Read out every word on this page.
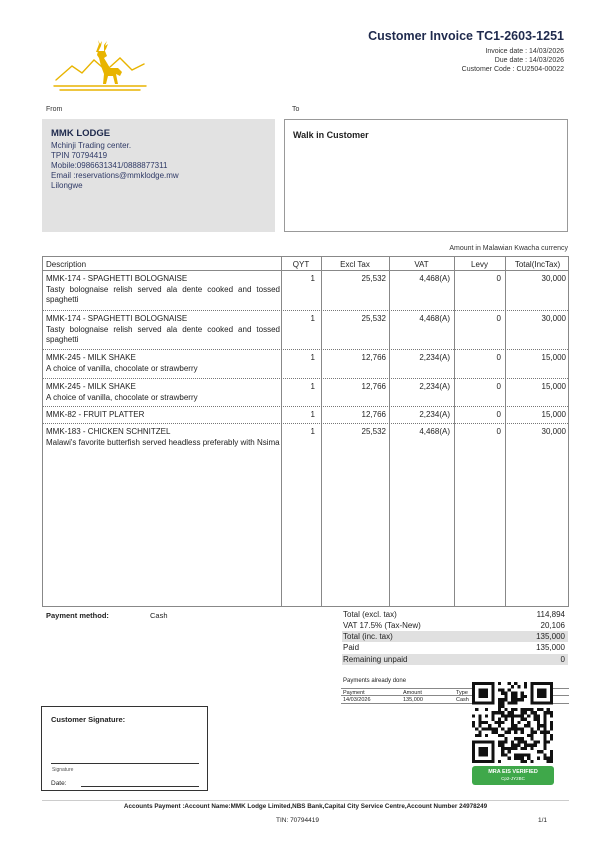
Customer Invoice TC1-2603-1251
Invoice date : 14/03/2026
Due date : 14/03/2026
Customer Code : CU2504-00022
From	To
MMK LODGE
Mchinji Trading center.
TPIN 70794419
Mobile:0986631341/0888877311
Email :reservations@mmklodge.mw
Lilongwe
Walk in Customer
Amount in Malawian Kwacha currency
Description	QYT	Excl Tax	VAT	Levy	Total(IncTax)
MMK-174 - SPAGHETTI BOLOGNAISE
Tasty bolognaise relish served ala dente cooked and tossed spaghetti
1	25,532	4,468(A)	0	30,000
MMK-174 - SPAGHETTI BOLOGNAISE
Tasty bolognaise relish served ala dente cooked and tossed spaghetti
1	25,532	4,468(A)	0	30,000
MMK-245 - MILK SHAKE
A choice of vanilla, chocolate or strawberry
1	12,766	2,234(A)	0	15,000
MMK-245 - MILK SHAKE
A choice of vanilla, chocolate or strawberry
1	12,766	2,234(A)	0	15,000
MMK-82 - FRUIT PLATTER	1	12,766	2,234(A)	0	15,000
MMK-183 - CHICKEN SCHNITZEL
Malawi's favorite butterfish served headless preferably with Nsima
1	25,532	4,468(A)	0	30,000
Payment method:	Cash	Total (excl. tax)	114,894
VAT 17.5% (Tax-New)	20,106
Total (inc. tax)	135,000
Paid	135,000
Remaining unpaid	0
Payments already done
Payment	Amount	Type
14/03/2026	135,000	Cash
MRA EIS VERIFIED
Cp2-JY2BC
Customer Signature:
Signature
Date:
Accounts Payment :Account Name:MMK Lodge Limited,NBS Bank,Capital City Service Centre,Account Number 24978249
TIN: 70794419	1/1
